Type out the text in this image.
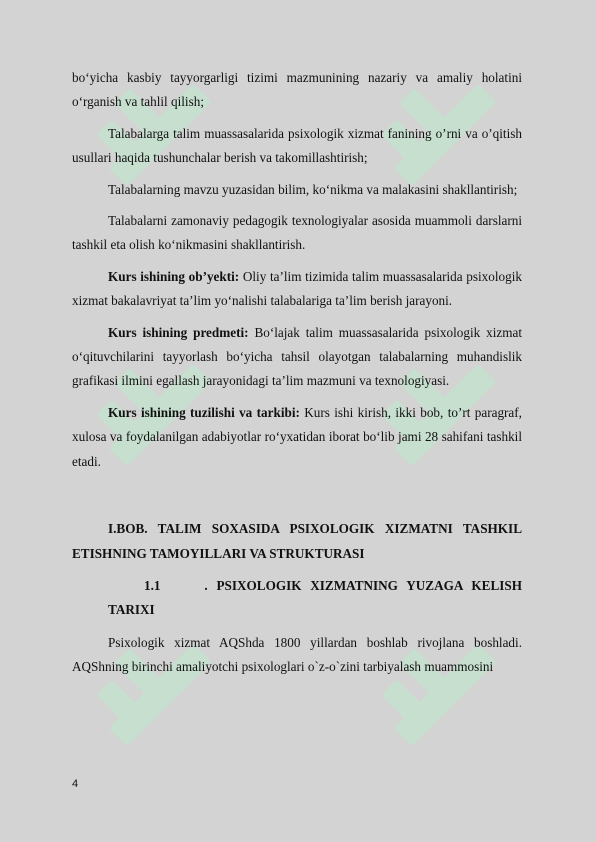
bo‘yicha kasbiy tayyorgarligi tizimi mazmunining nazariy va amaliy holatini o‘rganish va tahlil qilish;

Talabalarga talim muassasalarida psixologik xizmat fanining o’rni va o’qitish usullari haqida tushunchalar berish va takomillashtirish;

Talabalarning mavzu yuzasidan bilim, ko‘nikma va malakasini shakllantirish;

Talabalarni zamonaviy pedagogik texnologiyalar asosida muammoli darslarni tashkil eta olish ko‘nikmasini shakllantirish.

Kurs ishining ob’yekti: Oliy ta’lim tizimida talim muassasalarida psixologik xizmat bakalavriyat ta’lim yo‘nalishi talabalariga ta’lim berish jarayoni.

Kurs ishining predmeti: Bo‘lajak talim muassasalarida psixologik xizmat o‘qituvchilarini tayyorlash bo‘yicha tahsil olayotgan talabalarning muhandislik grafikasi ilmini egallash jarayonidagi ta’lim mazmuni va texnologiyasi.

Kurs ishining tuzilishi va tarkibi: Kurs ishi kirish, ikki bob, to’rt paragraf, xulosa va foydalanilgan adabiyotlar ro‘yxatidan iborat bo‘lib jami 28 sahifani tashkil etadi.

I.BOB. TALIM SOXASIDA PSIXOLOGIK XIZMATNI TASHKIL ETISHNING TAMOYILLARI VA STRUKTURASI

1.1	. PSIXOLOGIK XIZMATNING YUZAGA KELISH TARIXI

Psixologik xizmat AQShda 1800 yillardan boshlab rivojlana boshladi. AQShning birinchi amaliyotchi psixologlari o`z-o`zini tarbiyalash muammosini

4
